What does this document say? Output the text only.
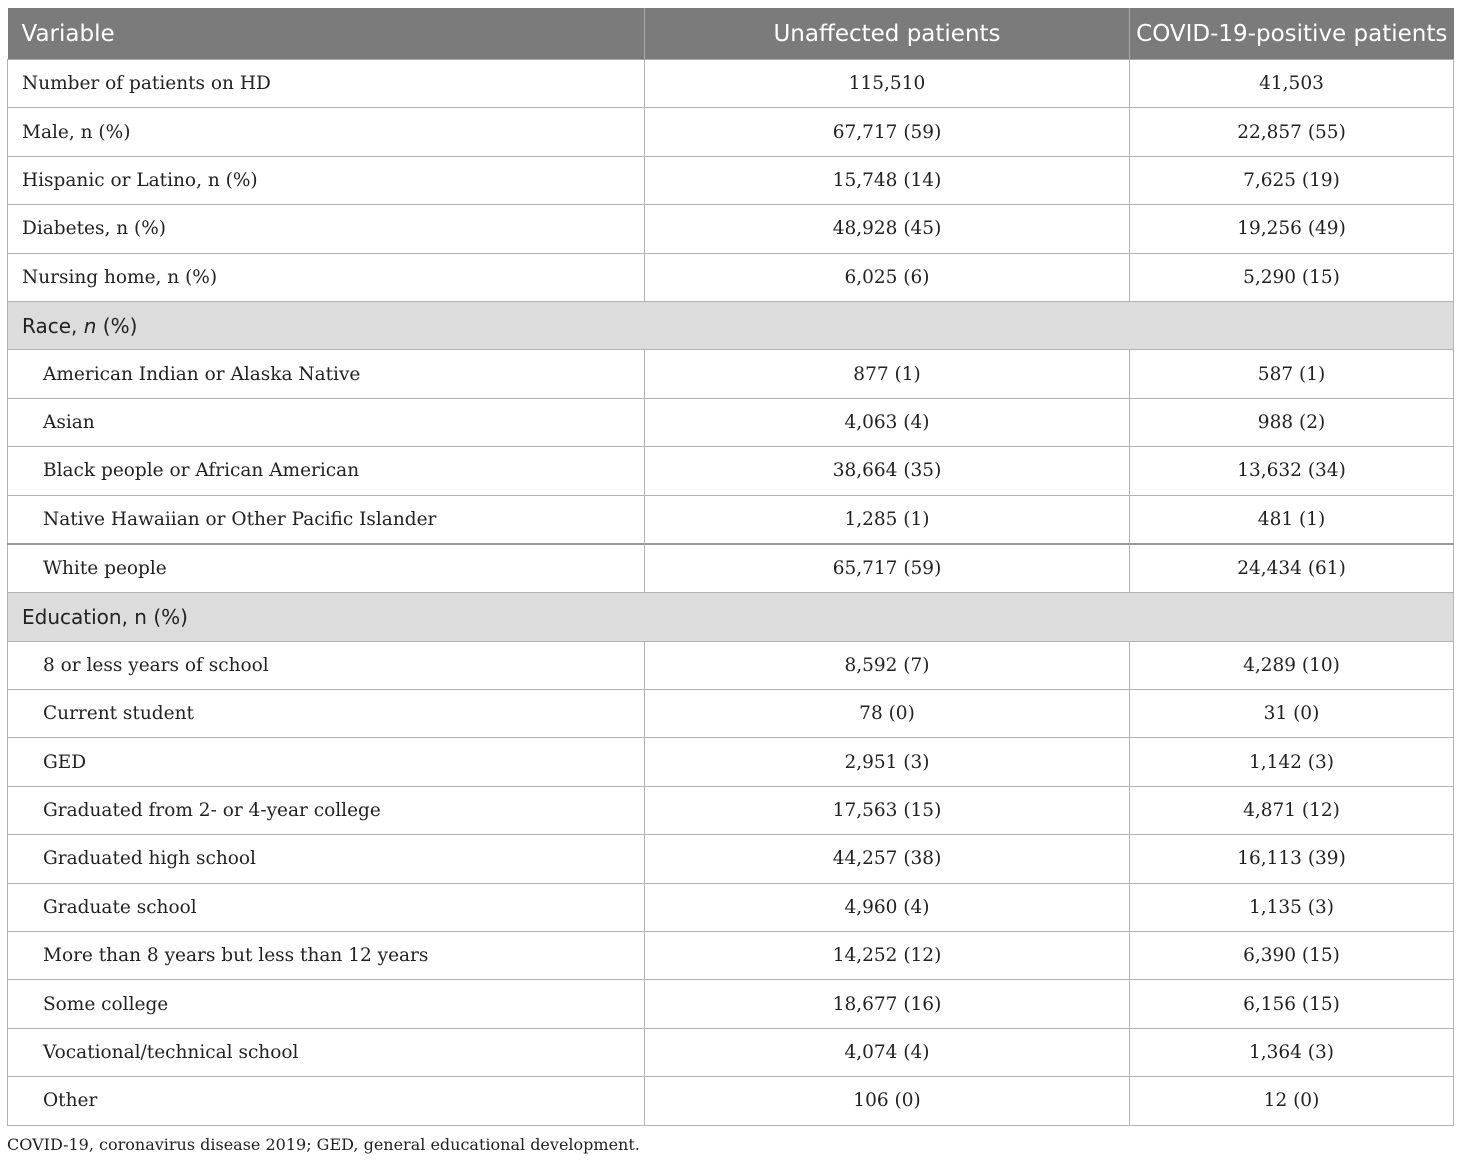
Variable	Unaffected patients	COVID-19-positive patients
Number of patients on HD	115,510	41,503
Male, n (%)	67,717 (59)	22,857 (55)
Hispanic or Latino, n (%)	15,748 (14)	7,625 (19)
Diabetes, n (%)	48,928 (45)	19,256 (49)
Nursing home, n (%)	6,025 (6)	5,290 (15)
Race, n (%)		
American Indian or Alaska Native	877 (1)	587 (1)
Asian	4,063 (4)	988 (2)
Black people or African American	38,664 (35)	13,632 (34)
Native Hawaiian or Other Pacific Islander	1,285 (1)	481 (1)
White people	65,717 (59)	24,434 (61)
Education, n (%)		
8 or less years of school	8,592 (7)	4,289 (10)
Current student	78 (0)	31 (0)
GED	2,951 (3)	1,142 (3)
Graduated from 2- or 4-year college	17,563 (15)	4,871 (12)
Graduated high school	44,257 (38)	16,113 (39)
Graduate school	4,960 (4)	1,135 (3)
More than 8 years but less than 12 years	14,252 (12)	6,390 (15)
Some college	18,677 (16)	6,156 (15)
Vocational/technical school	4,074 (4)	1,364 (3)
Other	106 (0)	12 (0)
COVID-19, coronavirus disease 2019; GED, general educational development.
